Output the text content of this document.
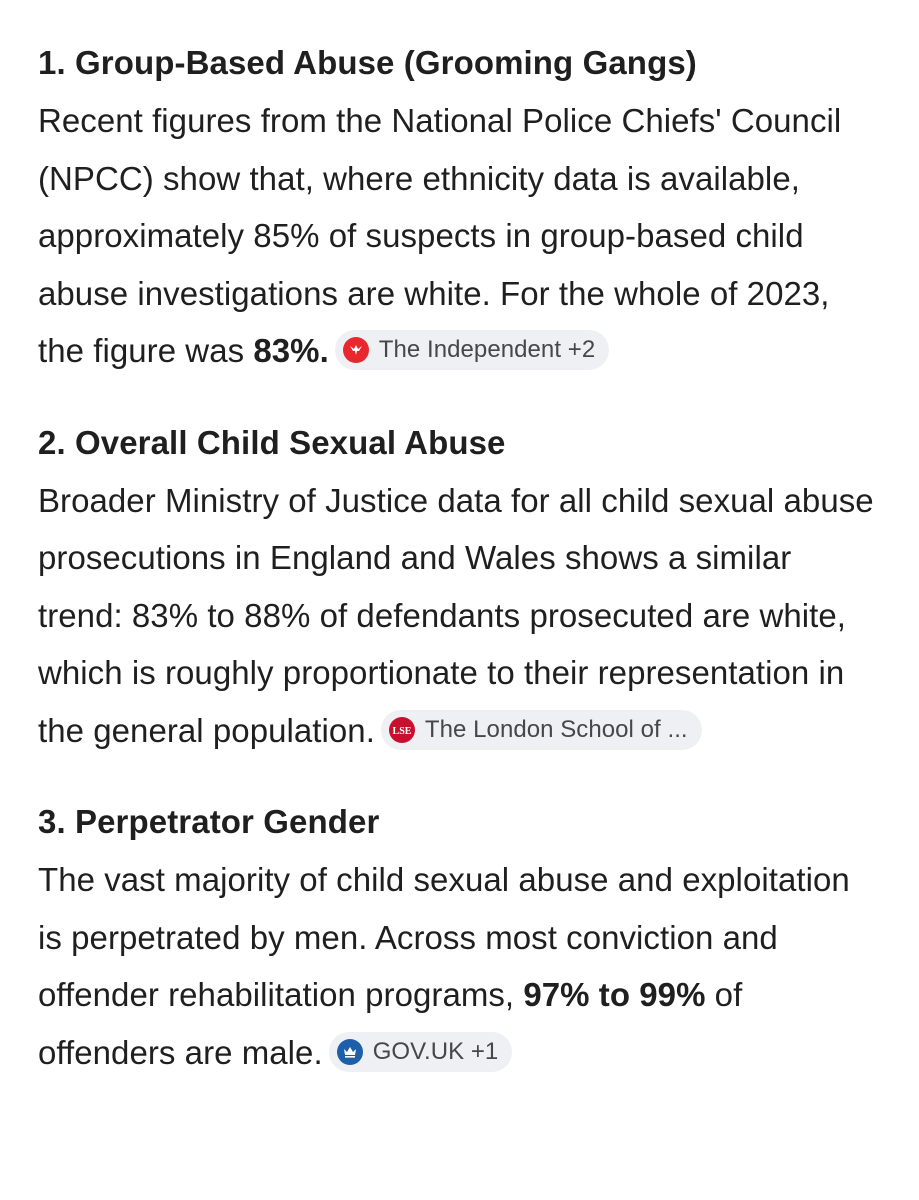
1. Group-Based Abuse (Grooming Gangs)

Recent figures from the National Police Chiefs' Council (NPCC) show that, where ethnicity data is available, approximately 85% of suspects in group-based child abuse investigations are white. For the whole of 2023, the figure was 83%. The Independent +2

2. Overall Child Sexual Abuse

Broader Ministry of Justice data for all child sexual abuse prosecutions in England and Wales shows a similar trend: 83% to 88% of defendants prosecuted are white, which is roughly proportionate to their representation in the general population. LSE The London School of ...

3. Perpetrator Gender

The vast majority of child sexual abuse and exploitation is perpetrated by men. Across most conviction and offender rehabilitation programs, 97% to 99% of offenders are male. GOV.UK +1
